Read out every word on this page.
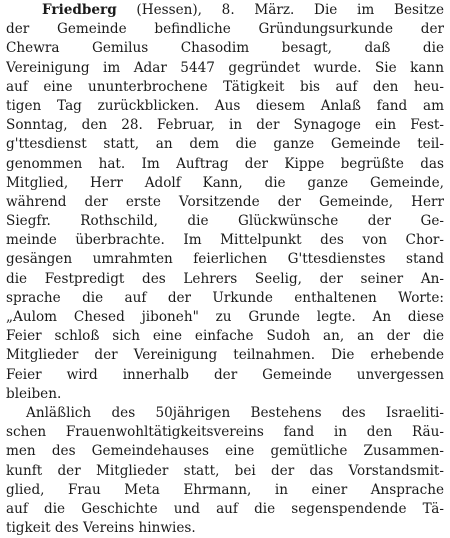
Friedberg (Hessen), 8. März. Die im Besitze
der Gemeinde befindliche Gründungsurkunde der
Chewra Gemilus Chasodim besagt, daß die
Vereinigung im Adar 5447 gegründet wurde. Sie kann
auf eine ununterbrochene Tätigkeit bis auf den heu-
tigen Tag zurückblicken. Aus diesem Anlaß fand am
Sonntag, den 28. Februar, in der Synagoge ein Fest-
g'ttesdienst statt, an dem die ganze Gemeinde teil-
genommen hat. Im Auftrag der Kippe begrüßte das
Mitglied, Herr Adolf Kann, die ganze Gemeinde,
während der erste Vorsitzende der Gemeinde, Herr
Siegfr. Rothschild, die Glückwünsche der Ge-
meinde überbrachte. Im Mittelpunkt des von Chor-
gesängen umrahmten feierlichen G'ttesdienstes stand
die Festpredigt des Lehrers Seelig, der seiner An-
sprache die auf der Urkunde enthaltenen Worte:
„Aulom Chesed jiboneh" zu Grunde legte. An diese
Feier schloß sich eine einfache Sudoh an, an der die
Mitglieder der Vereinigung teilnahmen. Die erhebende
Feier wird innerhalb der Gemeinde unvergessen
bleiben.
Anläßlich des 50jährigen Bestehens des Israeliti-
schen Frauenwohltätigkeitsvereins fand in den Räu-
men des Gemeindehauses eine gemütliche Zusammen-
kunft der Mitglieder statt, bei der das Vorstandsmit-
glied, Frau Meta Ehrmann, in einer Ansprache
auf die Geschichte und auf die segenspendende Tä-
tigkeit des Vereins hinwies.
